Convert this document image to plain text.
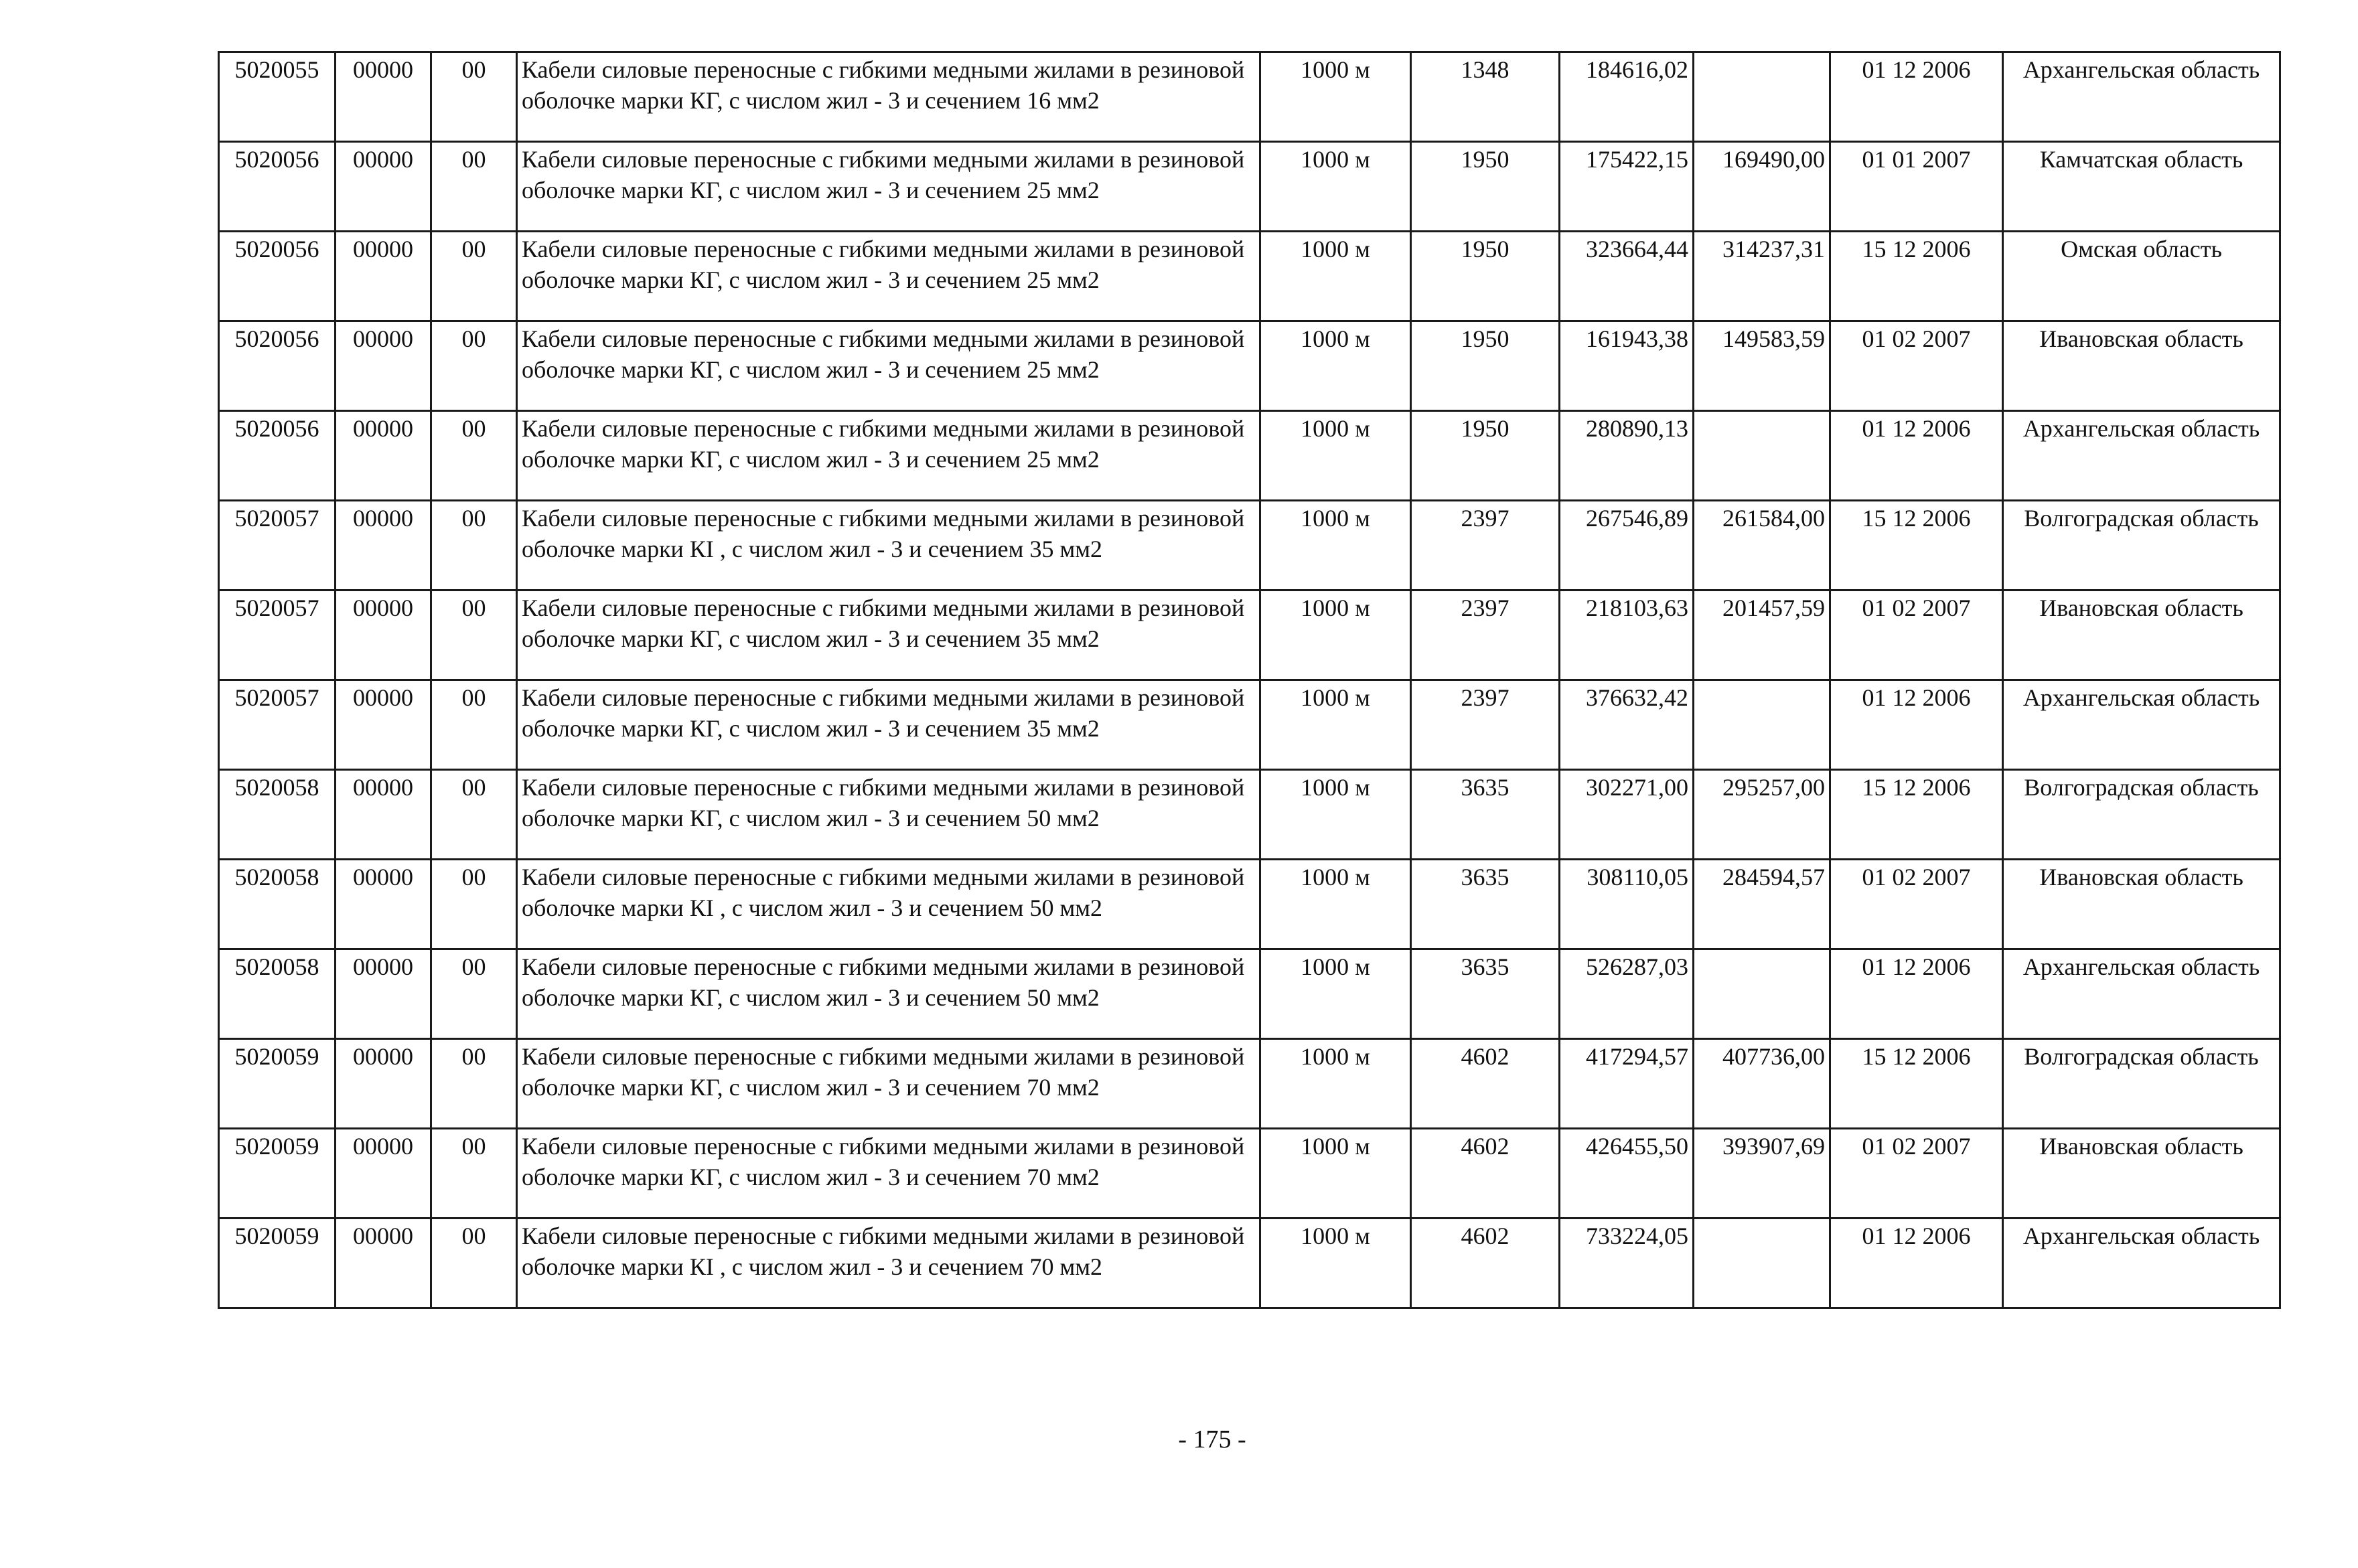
5020055	00000	00	Кабели силовые переносные с гибкими медными жилами в резиновой оболочке марки КГ, с числом жил - 3 и сечением 16 мм2	1000 м	1348	184616,02		01 12 2006	Архангельская область
5020056	00000	00	Кабели силовые переносные с гибкими медными жилами в резиновой оболочке марки КГ, с числом жил - 3 и сечением 25 мм2	1000 м	1950	175422,15	169490,00	01 01 2007	Камчатская область
5020056	00000	00	Кабели силовые переносные с гибкими медными жилами в резиновой оболочке марки КГ, с числом жил - 3 и сечением 25 мм2	1000 м	1950	323664,44	314237,31	15 12 2006	Омская область
5020056	00000	00	Кабели силовые переносные с гибкими медными жилами в резиновой оболочке марки КГ, с числом жил - 3 и сечением 25 мм2	1000 м	1950	161943,38	149583,59	01 02 2007	Ивановская область
5020056	00000	00	Кабели силовые переносные с гибкими медными жилами в резиновой оболочке марки КГ, с числом жил - 3 и сечением 25 мм2	1000 м	1950	280890,13		01 12 2006	Архангельская область
5020057	00000	00	Кабели силовые переносные с гибкими медными жилами в резиновой оболочке марки КI , с числом жил - 3 и сечением 35 мм2	1000 м	2397	267546,89	261584,00	15 12 2006	Волгоградская область
5020057	00000	00	Кабели силовые переносные с гибкими медными жилами в резиновой оболочке марки КГ, с числом жил - 3 и сечением 35 мм2	1000 м	2397	218103,63	201457,59	01 02 2007	Ивановская область
5020057	00000	00	Кабели силовые переносные с гибкими медными жилами в резиновой оболочке марки КГ, с числом жил - 3 и сечением 35 мм2	1000 м	2397	376632,42		01 12 2006	Архангельская область
5020058	00000	00	Кабели силовые переносные с гибкими медными жилами в резиновой оболочке марки КГ, с числом жил - 3 и сечением 50 мм2	1000 м	3635	302271,00	295257,00	15 12 2006	Волгоградская область
5020058	00000	00	Кабели силовые переносные с гибкими медными жилами в резиновой оболочке марки КI , с числом жил - 3 и сечением 50 мм2	1000 м	3635	308110,05	284594,57	01 02 2007	Ивановская область
5020058	00000	00	Кабели силовые переносные с гибкими медными жилами в резиновой оболочке марки КГ, с числом жил - 3 и сечением 50 мм2	1000 м	3635	526287,03		01 12 2006	Архангельская область
5020059	00000	00	Кабели силовые переносные с гибкими медными жилами в резиновой оболочке марки КГ, с числом жил - 3 и сечением 70 мм2	1000 м	4602	417294,57	407736,00	15 12 2006	Волгоградская область
5020059	00000	00	Кабели силовые переносные с гибкими медными жилами в резиновой оболочке марки КГ, с числом жил - 3 и сечением 70 мм2	1000 м	4602	426455,50	393907,69	01 02 2007	Ивановская область
5020059	00000	00	Кабели силовые переносные с гибкими медными жилами в резиновой оболочке марки КI , с числом жил - 3 и сечением 70 мм2	1000 м	4602	733224,05		01 12 2006	Архангельская область
- 175 -
